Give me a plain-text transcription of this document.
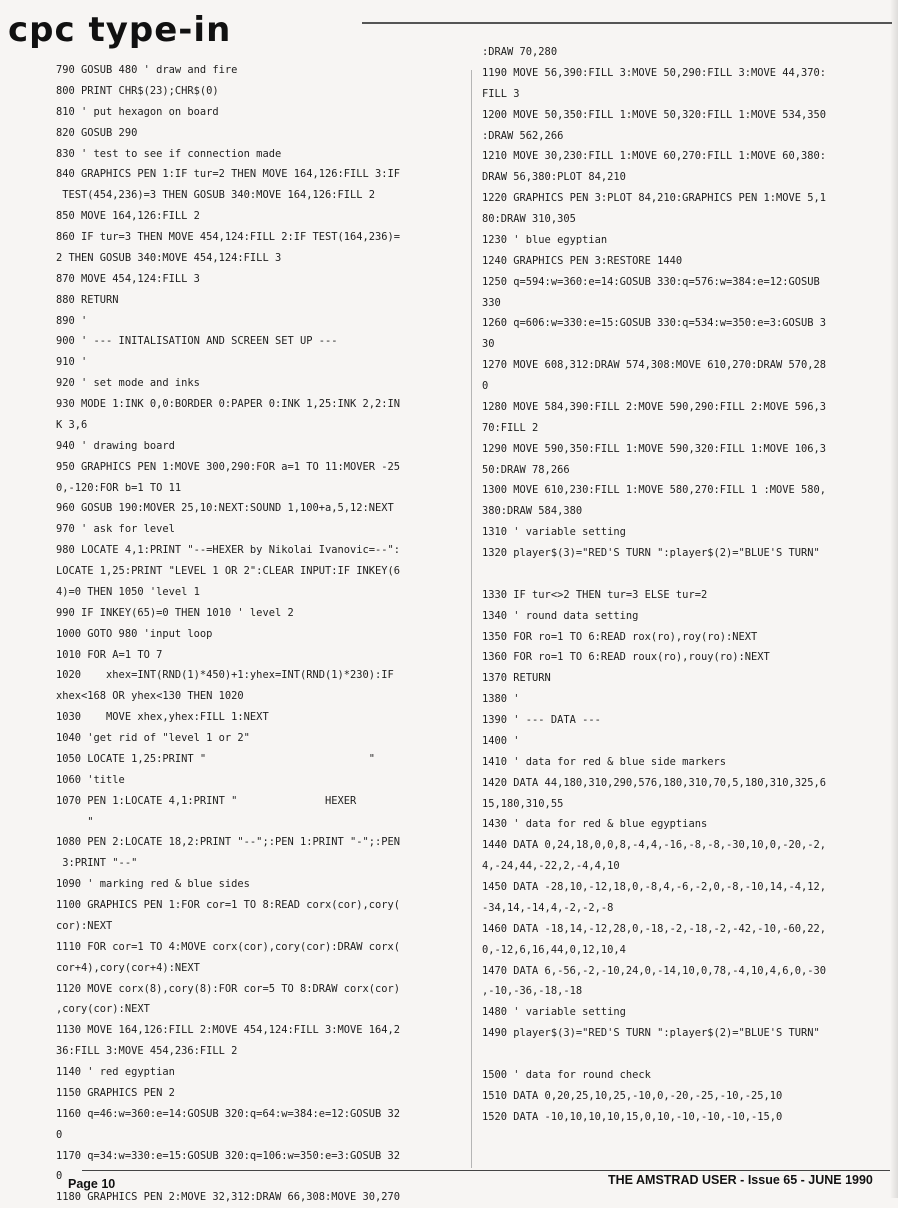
cpc type-in
790 GOSUB 480 ' draw and fire
800 PRINT CHR$(23);CHR$(0)
810 ' put hexagon on board
820 GOSUB 290
830 ' test to see if connection made
840 GRAPHICS PEN 1:IF tur=2 THEN MOVE 164,126:FILL 3:IF
TEST(454,236)=3 THEN GOSUB 340:MOVE 164,126:FILL 2
850 MOVE 164,126:FILL 2
860 IF tur=3 THEN MOVE 454,124:FILL 2:IF TEST(164,236)=
2 THEN GOSUB 340:MOVE 454,124:FILL 3
870 MOVE 454,124:FILL 3
880 RETURN
890 '
900 ' --- INITALISATION AND SCREEN SET UP ---
910 '
920 ' set mode and inks
930 MODE 1:INK 0,0:BORDER 0:PAPER 0:INK 1,25:INK 2,2:IN
K 3,6
940 ' drawing board
950 GRAPHICS PEN 1:MOVE 300,290:FOR a=1 TO 11:MOVER -25
0,-120:FOR b=1 TO 11
960 GOSUB 190:MOVER 25,10:NEXT:SOUND 1,100+a,5,12:NEXT
970 ' ask for level
980 LOCATE 4,1:PRINT "--=HEXER by Nikolai Ivanovic=--":
LOCATE 1,25:PRINT "LEVEL 1 OR 2":CLEAR INPUT:IF INKEY(6
4)=0 THEN 1050 'level 1
990 IF INKEY(65)=0 THEN 1010 ' level 2
1000 GOTO 980 'input loop
1010 FOR A=1 TO 7
1020    xhex=INT(RND(1)*450)+1:yhex=INT(RND(1)*230):IF
xhex<168 OR yhex<130 THEN 1020
1030    MOVE xhex,yhex:FILL 1:NEXT
1040 'get rid of "level 1 or 2"
1050 LOCATE 1,25:PRINT "                          "
1060 'title
1070 PEN 1:LOCATE 4,1:PRINT "              HEXER
"
1080 PEN 2:LOCATE 18,2:PRINT "--";:PEN 1:PRINT "-";:PEN
3:PRINT "--"
1090 ' marking red & blue sides
1100 GRAPHICS PEN 1:FOR cor=1 TO 8:READ corx(cor),cory(
cor):NEXT
1110 FOR cor=1 TO 4:MOVE corx(cor),cory(cor):DRAW corx(
cor+4),cory(cor+4):NEXT
1120 MOVE corx(8),cory(8):FOR cor=5 TO 8:DRAW corx(cor)
,cory(cor):NEXT
1130 MOVE 164,126:FILL 2:MOVE 454,124:FILL 3:MOVE 164,2
36:FILL 3:MOVE 454,236:FILL 2
1140 ' red egyptian
1150 GRAPHICS PEN 2
1160 q=46:w=360:e=14:GOSUB 320:q=64:w=384:e=12:GOSUB 32
0
1170 q=34:w=330:e=15:GOSUB 320:q=106:w=350:e=3:GOSUB 32
0
1180 GRAPHICS PEN 2:MOVE 32,312:DRAW 66,308:MOVE 30,270
:DRAW 70,280
1190 MOVE 56,390:FILL 3:MOVE 50,290:FILL 3:MOVE 44,370:
FILL 3
1200 MOVE 50,350:FILL 1:MOVE 50,320:FILL 1:MOVE 534,350
:DRAW 562,266
1210 MOVE 30,230:FILL 1:MOVE 60,270:FILL 1:MOVE 60,380:
DRAW 56,380:PLOT 84,210
1220 GRAPHICS PEN 3:PLOT 84,210:GRAPHICS PEN 1:MOVE 5,1
80:DRAW 310,305
1230 ' blue egyptian
1240 GRAPHICS PEN 3:RESTORE 1440
1250 q=594:w=360:e=14:GOSUB 330:q=576:w=384:e=12:GOSUB
330
1260 q=606:w=330:e=15:GOSUB 330:q=534:w=350:e=3:GOSUB 3
30
1270 MOVE 608,312:DRAW 574,308:MOVE 610,270:DRAW 570,28
0
1280 MOVE 584,390:FILL 2:MOVE 590,290:FILL 2:MOVE 596,3
70:FILL 2
1290 MOVE 590,350:FILL 1:MOVE 590,320:FILL 1:MOVE 106,3
50:DRAW 78,266
1300 MOVE 610,230:FILL 1:MOVE 580,270:FILL 1 :MOVE 580,
380:DRAW 584,380
1310 ' variable setting
1320 player$(3)="RED'S TURN ":player$(2)="BLUE'S TURN"
1330 IF tur<>2 THEN tur=3 ELSE tur=2
1340 ' round data setting
1350 FOR ro=1 TO 6:READ rox(ro),roy(ro):NEXT
1360 FOR ro=1 TO 6:READ roux(ro),rouy(ro):NEXT
1370 RETURN
1380 '
1390 ' --- DATA ---
1400 '
1410 ' data for red & blue side markers
1420 DATA 44,180,310,290,576,180,310,70,5,180,310,325,6
15,180,310,55
1430 ' data for red & blue egyptians
1440 DATA 0,24,18,0,0,8,-4,4,-16,-8,-8,-30,10,0,-20,-2,
4,-24,44,-22,2,-4,4,10
1450 DATA -28,10,-12,18,0,-8,4,-6,-2,0,-8,-10,14,-4,12,
-34,14,-14,4,-2,-2,-8
1460 DATA -18,14,-12,28,0,-18,-2,-18,-2,-42,-10,-60,22,
0,-12,6,16,44,0,12,10,4
1470 DATA 6,-56,-2,-10,24,0,-14,10,0,78,-4,10,4,6,0,-30
,-10,-36,-18,-18
1480 ' variable setting
1490 player$(3)="RED'S TURN ":player$(2)="BLUE'S TURN"
1500 ' data for round check
1510 DATA 0,20,25,10,25,-10,0,-20,-25,-10,-25,10
1520 DATA -10,10,10,10,15,0,10,-10,-10,-10,-15,0
Page 10	THE AMSTRAD USER - Issue 65 - JUNE 1990
